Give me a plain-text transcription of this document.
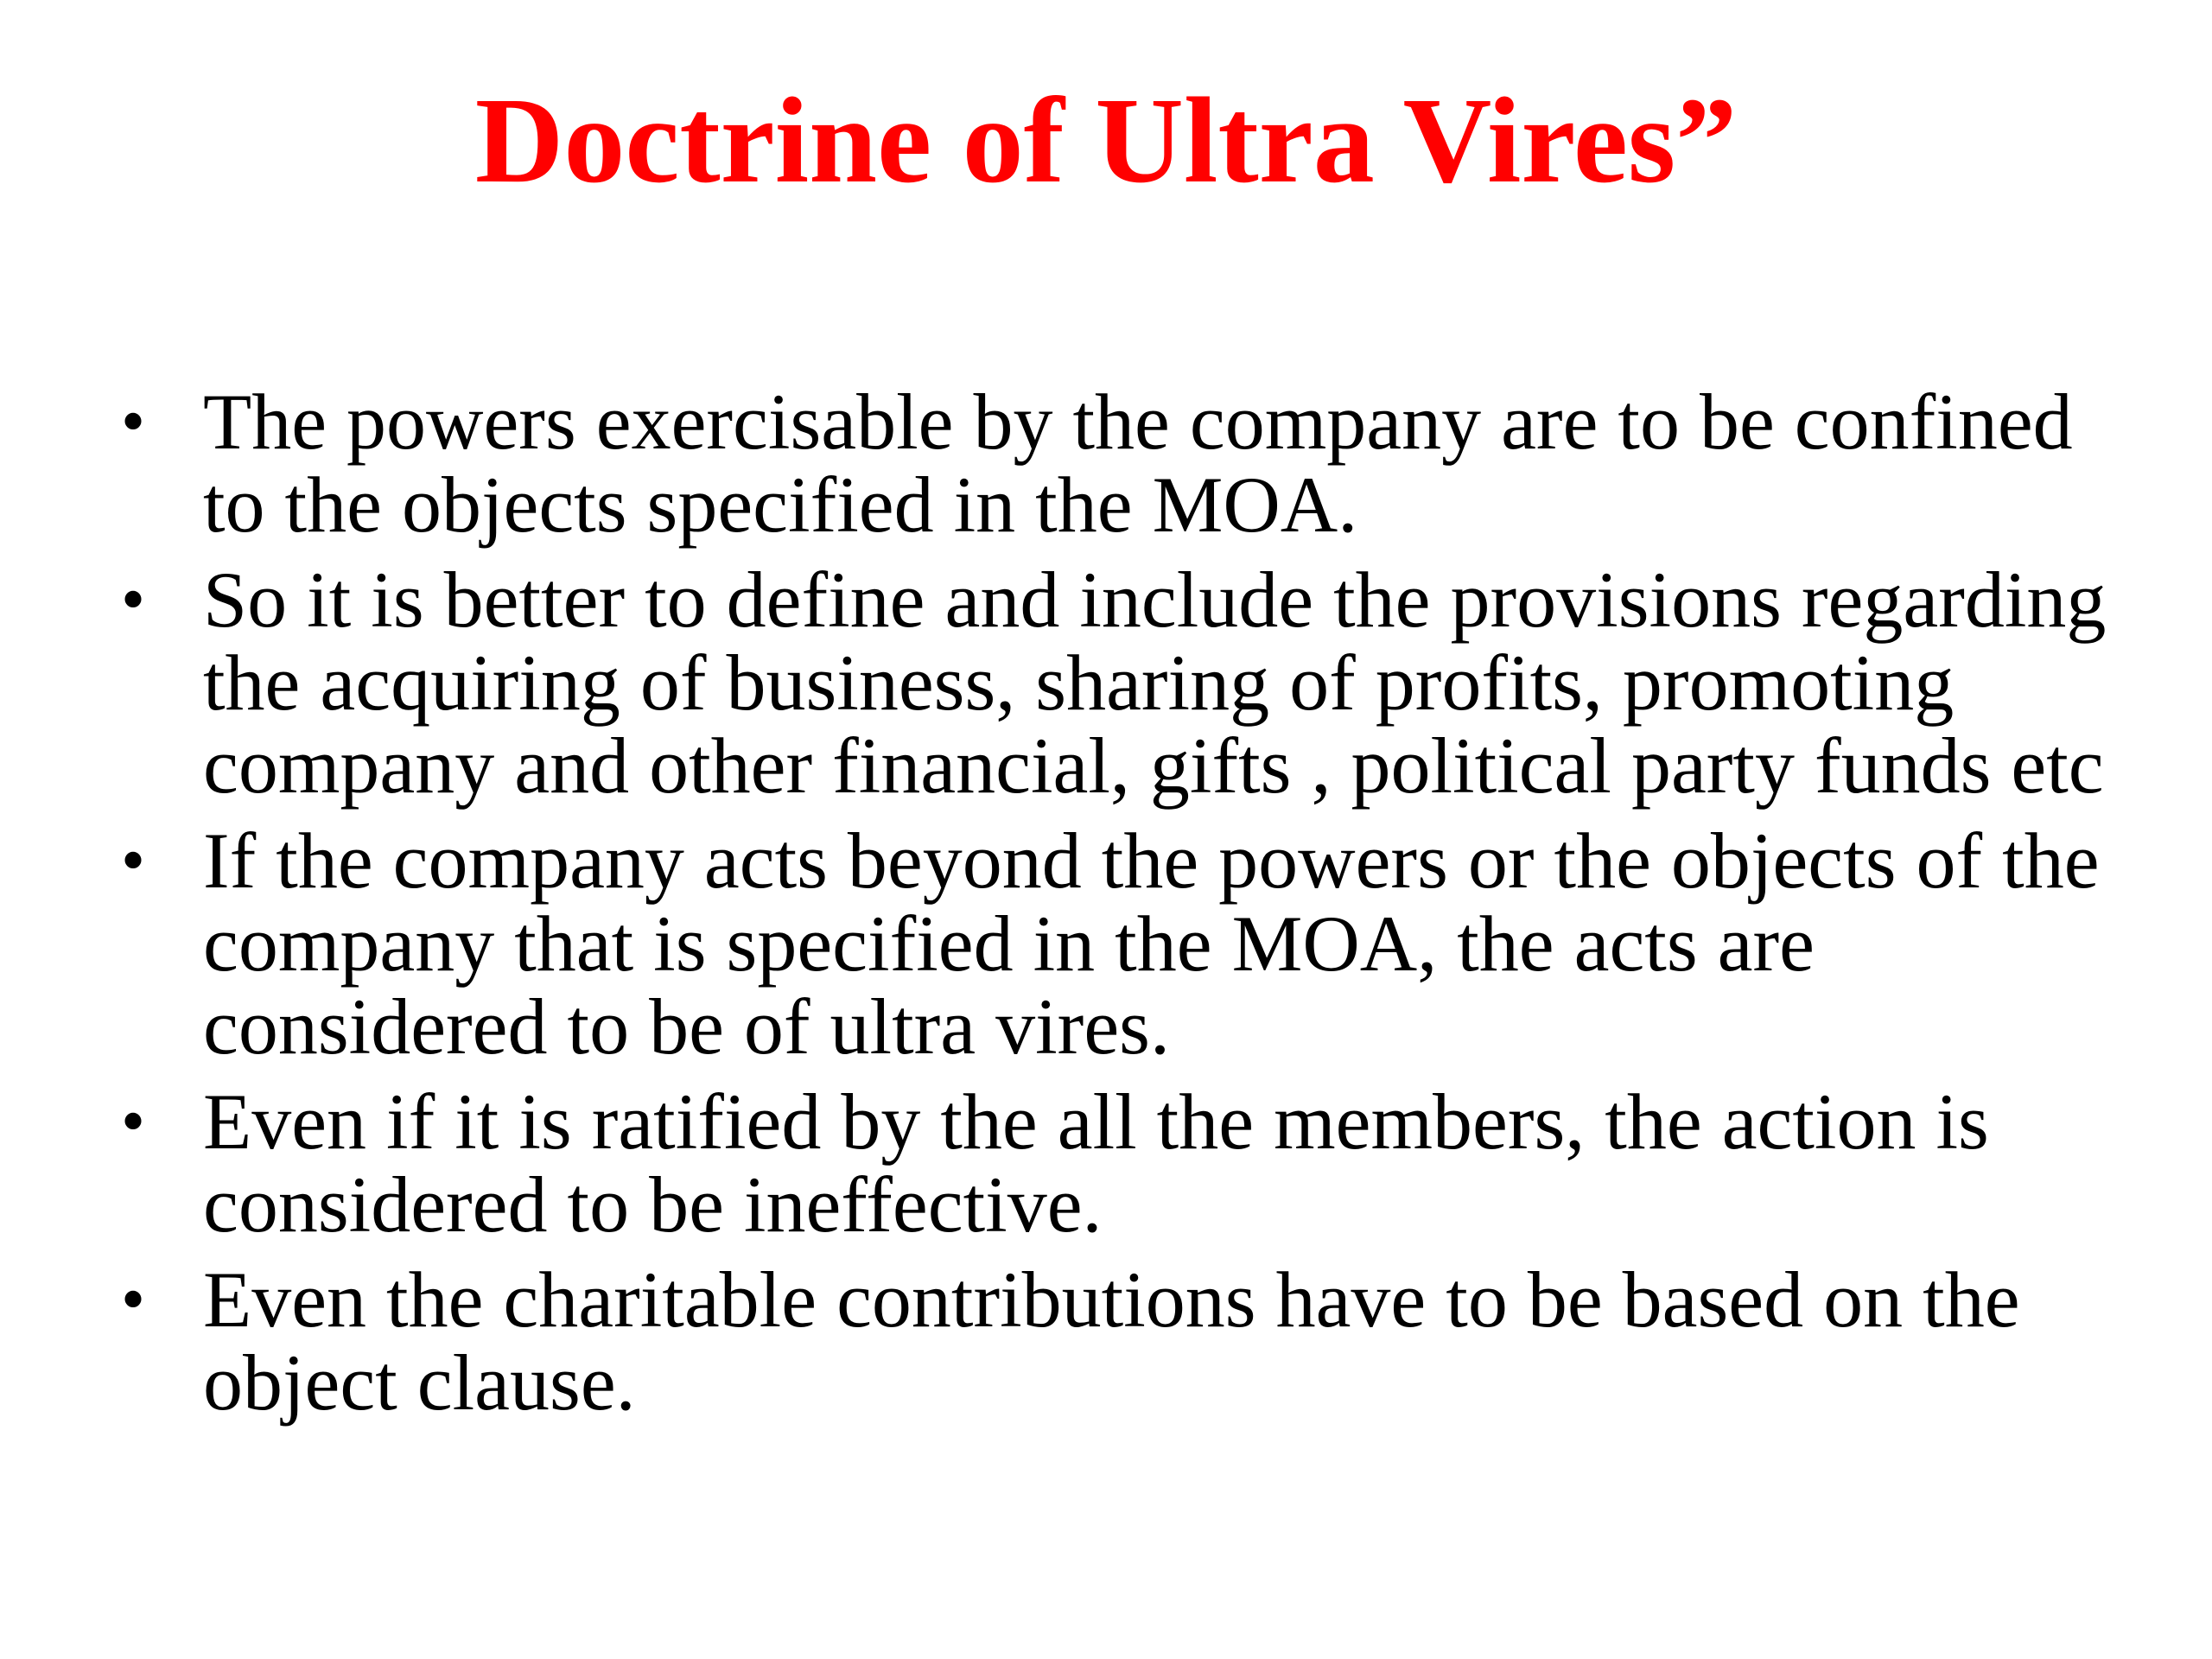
Doctrine of Ultra Vires”
• The powers exercisable by the company are to be confined to the objects specified in the MOA.
• So it is better to define and include the provisions regarding the acquiring of business, sharing of profits, promoting company and other financial, gifts , political party funds etc
• If the company acts beyond the powers or the objects of the company that is specified in the MOA, the acts are considered to be of ultra vires.
• Even if it is ratified by the all the members, the action is considered to be ineffective.
• Even the charitable contributions have to be based on the object clause.
